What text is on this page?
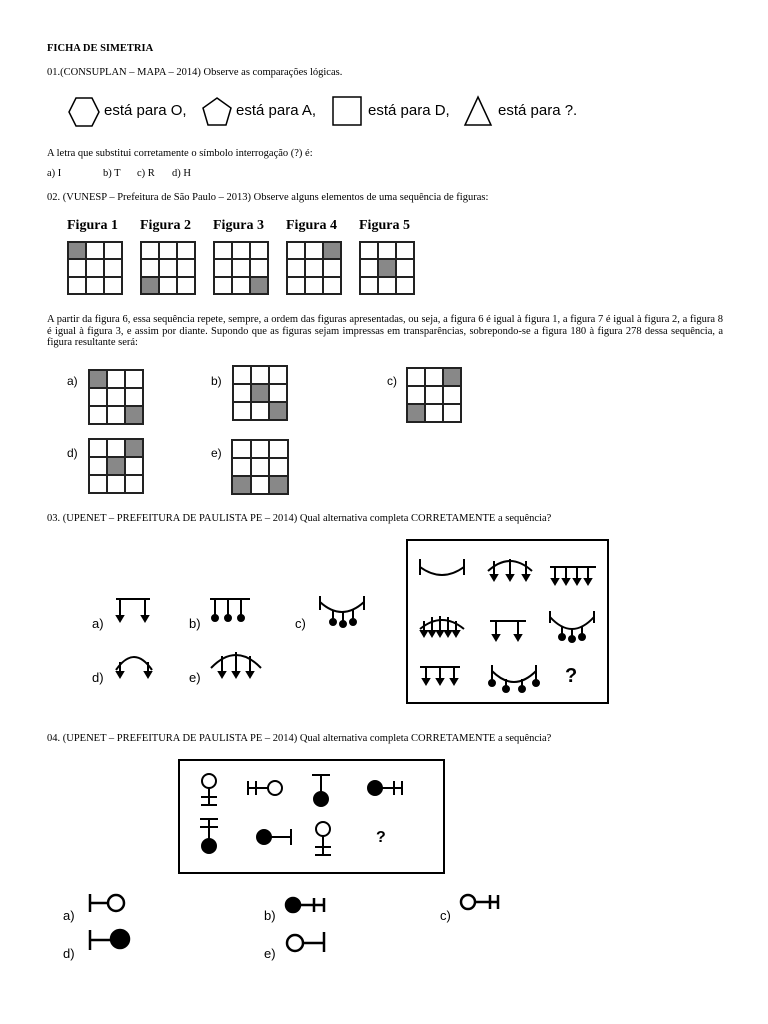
FICHA DE SIMETRIA
01.(CONSUPLAN – MAPA – 2014) Observe as comparações lógicas.
está para O,	está para A,	está para D,	está para ?.
A letra que substitui corretamente o símbolo interrogação (?) é:
a) I	b) T c) R d) H
02. (VUNESP – Prefeitura de São Paulo – 2013) Observe alguns elementos de uma sequência de figuras:
Figura 1 Figura 2 Figura 3 Figura 4 Figura 5
A partir da figura 6, essa sequência repete, sempre, a ordem das figuras apresentadas, ou seja, a figura 6 é igual à figura 1, a figura 7 é igual à figura 2, a figura 8 é igual à figura 3, e assim por diante. Supondo que as figuras sejam impressas em transparências, sobrepondo-se a figura 180 à figura 278 dessa sequência, a figura resultante será:
a)	b)	c)
d)	e)
03. (UPENET – PREFEITURA DE PAULISTA PE – 2014) Qual alternativa completa CORRETAMENTE a sequência?
a)	b)	c)
d)	e)	?
04. (UPENET – PREFEITURA DE PAULISTA PE – 2014) Qual alternativa completa CORRETAMENTE a sequência?
?
a)	b)	c)
d)	e)
